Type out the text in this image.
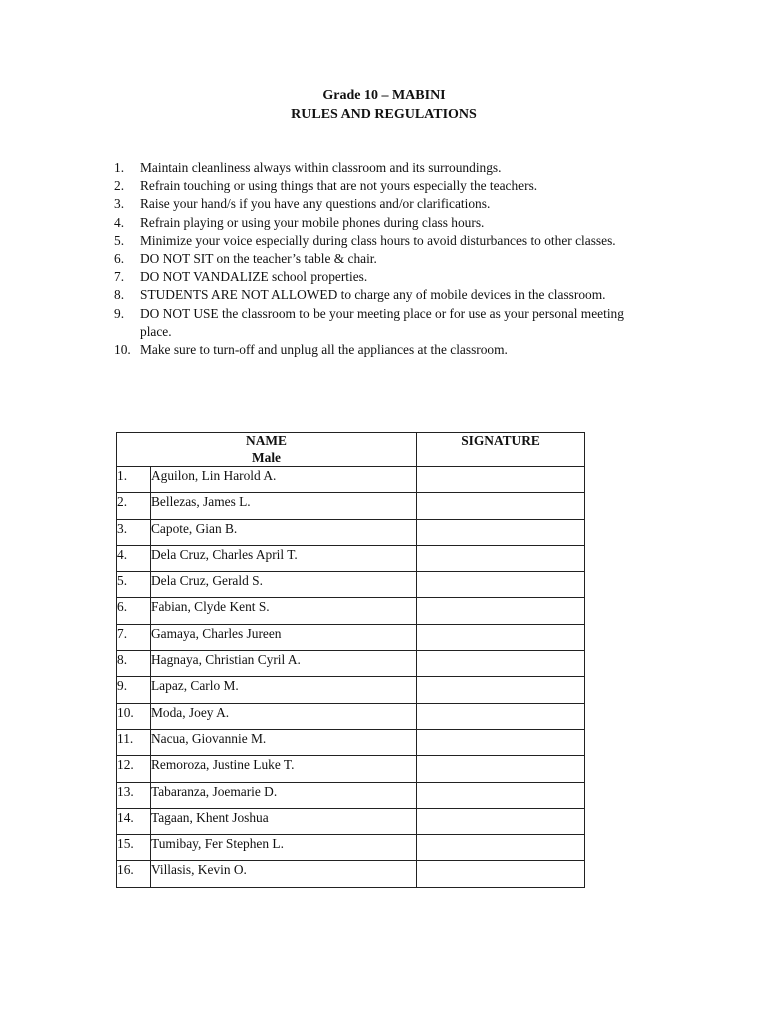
Grade 10 – MABINI
RULES AND REGULATIONS
1. Maintain cleanliness always within classroom and its surroundings.
2. Refrain touching or using things that are not yours especially the teachers.
3. Raise your hand/s if you have any questions and/or clarifications.
4. Refrain playing or using your mobile phones during class hours.
5. Minimize your voice especially during class hours to avoid disturbances to other classes.
6. DO NOT SIT on the teacher’s table & chair.
7. DO NOT VANDALIZE school properties.
8. STUDENTS ARE NOT ALLOWED to charge any of mobile devices in the classroom.
9. DO NOT USE the classroom to be your meeting place or for use as your personal meeting place.
10. Make sure to turn-off and unplug all the appliances at the classroom.
NAME
Male		SIGNATURE
1.	Aguilon, Lin Harold A.	
2.	Bellezas, James L.	
3.	Capote, Gian B.	
4.	Dela Cruz, Charles April T.	
5.	Dela Cruz, Gerald S.	
6.	Fabian, Clyde Kent S.	
7.	Gamaya, Charles Jureen	
8.	Hagnaya, Christian Cyril A.	
9.	Lapaz, Carlo M.	
10.	Moda, Joey A.	
11.	Nacua, Giovannie M.	
12.	Remoroza, Justine Luke T.	
13.	Tabaranza, Joemarie D.	
14.	Tagaan, Khent Joshua	
15.	Tumibay, Fer Stephen L.	
16.	Villasis, Kevin O.	
